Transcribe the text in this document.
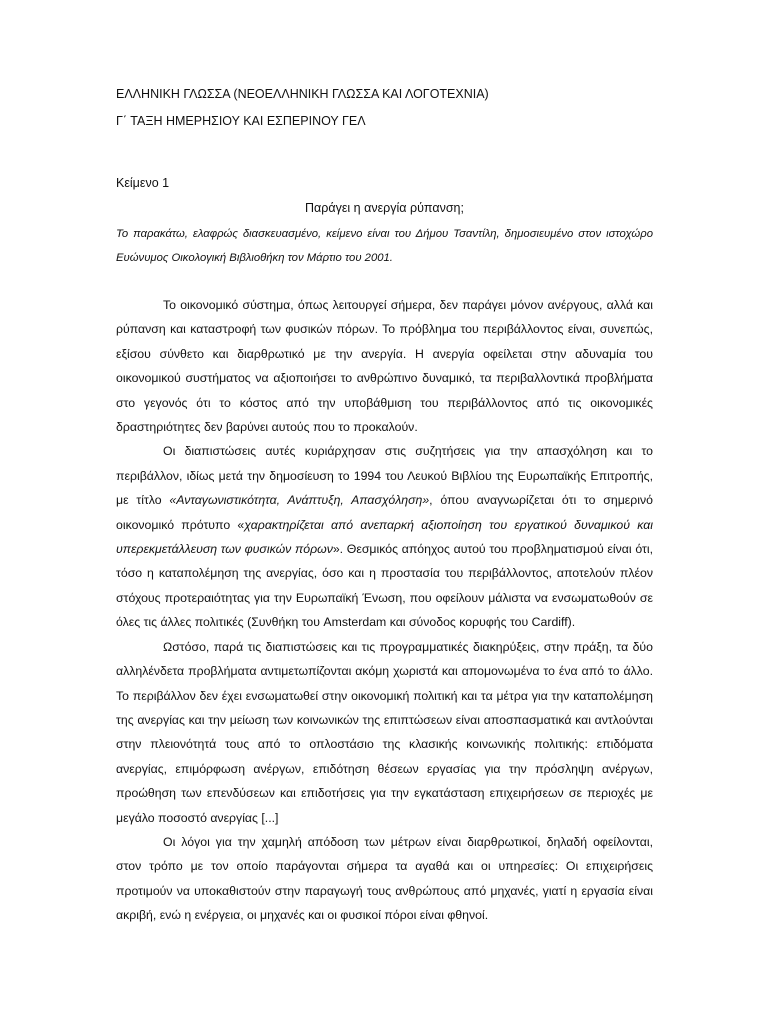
ΕΛΛΗΝΙΚΗ ΓΛΩΣΣΑ (ΝΕΟΕΛΛΗΝΙΚΗ ΓΛΩΣΣΑ ΚΑΙ ΛΟΓΟΤΕΧΝΙΑ)

Γ΄ ΤΑΞΗ ΗΜΕΡΗΣΙΟΥ ΚΑΙ ΕΣΠΕΡΙΝΟΥ ΓΕΛ

Κείμενο 1

Παράγει η ανεργία ρύπανση;

Το παρακάτω, ελαφρώς διασκευασμένο, κείμενο είναι του Δήμου Τσαντίλη, δημοσιευμένο στον ιστοχώρο Ευώνυμος Οικολογική Βιβλιοθήκη τον Μάρτιο του 2001.

Το οικονομικό σύστημα, όπως λειτουργεί σήμερα, δεν παράγει μόνον ανέργους, αλλά και ρύπανση και καταστροφή των φυσικών πόρων. Το πρόβλημα του περιβάλλοντος είναι, συνεπώς, εξίσου σύνθετο και διαρθρωτικό με την ανεργία. Η ανεργία οφείλεται στην αδυναμία του οικονομικού συστήματος να αξιοποιήσει το ανθρώπινο δυναμικό, τα περιβαλλοντικά προβλήματα στο γεγονός ότι το κόστος από την υποβάθμιση του περιβάλλοντος από τις οικονομικές δραστηριότητες δεν βαρύνει αυτούς που το προκαλούν.

Οι διαπιστώσεις αυτές κυριάρχησαν στις συζητήσεις για την απασχόληση και το περιβάλλον, ιδίως μετά την δημοσίευση το 1994 του Λευκού Βιβλίου της Ευρωπαϊκής Επιτροπής, με τίτλο «Ανταγωνιστικότητα, Ανάπτυξη, Απασχόληση», όπου αναγνωρίζεται ότι το σημερινό οικονομικό πρότυπο «χαρακτηρίζεται από ανεπαρκή αξιοποίηση του εργατικού δυναμικού και υπερεκμετάλλευση των φυσικών πόρων». Θεσμικός απόηχος αυτού του προβληματισμού είναι ότι, τόσο η καταπολέμηση της ανεργίας, όσο και η προστασία του περιβάλλοντος, αποτελούν πλέον στόχους προτεραιότητας για την Ευρωπαϊκή Ένωση, που οφείλουν μάλιστα να ενσωματωθούν σε όλες τις άλλες πολιτικές (Συνθήκη του Amsterdam και σύνοδος κορυφής του Cardiff).

Ωστόσο, παρά τις διαπιστώσεις και τις προγραμματικές διακηρύξεις, στην πράξη, τα δύο αλληλένδετα προβλήματα αντιμετωπίζονται ακόμη χωριστά και απομονωμένα το ένα από το άλλο. Το περιβάλλον δεν έχει ενσωματωθεί στην οικονομική πολιτική και τα μέτρα για την καταπολέμηση της ανεργίας και την μείωση των κοινωνικών της επιπτώσεων είναι αποσπασματικά και αντλούνται στην πλειονότητά τους από το οπλοστάσιο της κλασικής κοινωνικής πολιτικής: επιδόματα ανεργίας, επιμόρφωση ανέργων, επιδότηση θέσεων εργασίας για την πρόσληψη ανέργων, προώθηση των επενδύσεων και επιδοτήσεις για την εγκατάσταση επιχειρήσεων σε περιοχές με μεγάλο ποσοστό ανεργίας [...]

Οι λόγοι για την χαμηλή απόδοση των μέτρων είναι διαρθρωτικοί, δηλαδή οφείλονται, στον τρόπο με τον οποίο παράγονται σήμερα τα αγαθά και οι υπηρεσίες: Οι επιχειρήσεις προτιμούν να υποκαθιστούν στην παραγωγή τους ανθρώπους από μηχανές, γιατί η εργασία είναι ακριβή, ενώ η ενέργεια, οι μηχανές και οι φυσικοί πόροι είναι φθηνοί.
